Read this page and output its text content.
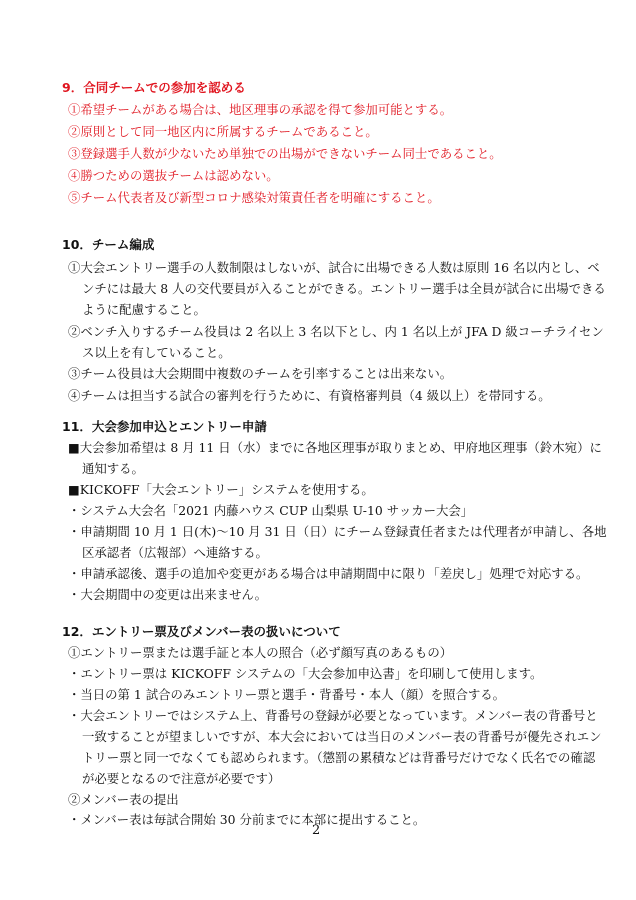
9．合同チームでの参加を認める
①希望チームがある場合は、地区理事の承認を得て参加可能とする。
②原則として同一地区内に所属するチームであること。
③登録選手人数が少ないため単独での出場ができないチーム同士であること。
④勝つための選抜チームは認めない。
⑤チーム代表者及び新型コロナ感染対策責任者を明確にすること。
10．チーム編成
①大会エントリー選手の人数制限はしないが、試合に出場できる人数は原則 16 名以内とし、ベ
ンチには最大 8 人の交代要員が入ることができる。エントリー選手は全員が試合に出場できる
ように配慮すること。
②ベンチ入りするチーム役員は 2 名以上 3 名以下とし、内 1 名以上が JFA D 級コーチライセン
ス以上を有していること。
③チーム役員は大会期間中複数のチームを引率することは出来ない。
④チームは担当する試合の審判を行うために、有資格審判員（4 級以上）を帯同する。
11．大会参加申込とエントリー申請
■大会参加希望は 8 月 11 日（水）までに各地区理事が取りまとめ、甲府地区理事（鈴木宛）に
通知する。
■KICKOFF「大会エントリー」システムを使用する。
・システム大会名「2021 内藤ハウス CUP 山梨県 U-10 サッカー大会」
・申請期間 10 月 1 日(木)～10 月 31 日（日）にチーム登録責任者または代理者が申請し、各地
区承認者（広報部）へ連絡する。
・申請承認後、選手の追加や変更がある場合は申請期間中に限り「差戻し」処理で対応する。
・大会期間中の変更は出来ません。
12．エントリー票及びメンバー表の扱いについて
①エントリー票または選手証と本人の照合（必ず顔写真のあるもの）
・エントリー票は KICKOFF システムの「大会参加申込書」を印刷して使用します。
・当日の第 1 試合のみエントリー票と選手・背番号・本人（顔）を照合する。
・大会エントリーではシステム上、背番号の登録が必要となっています。メンバー表の背番号と
一致することが望ましいですが、本大会においては当日のメンバー表の背番号が優先されエン
トリー票と同一でなくても認められます。（懲罰の累積などは背番号だけでなく氏名での確認
が必要となるので注意が必要です）
②メンバー表の提出
・メンバー表は毎試合開始 30 分前までに本部に提出すること。
2
